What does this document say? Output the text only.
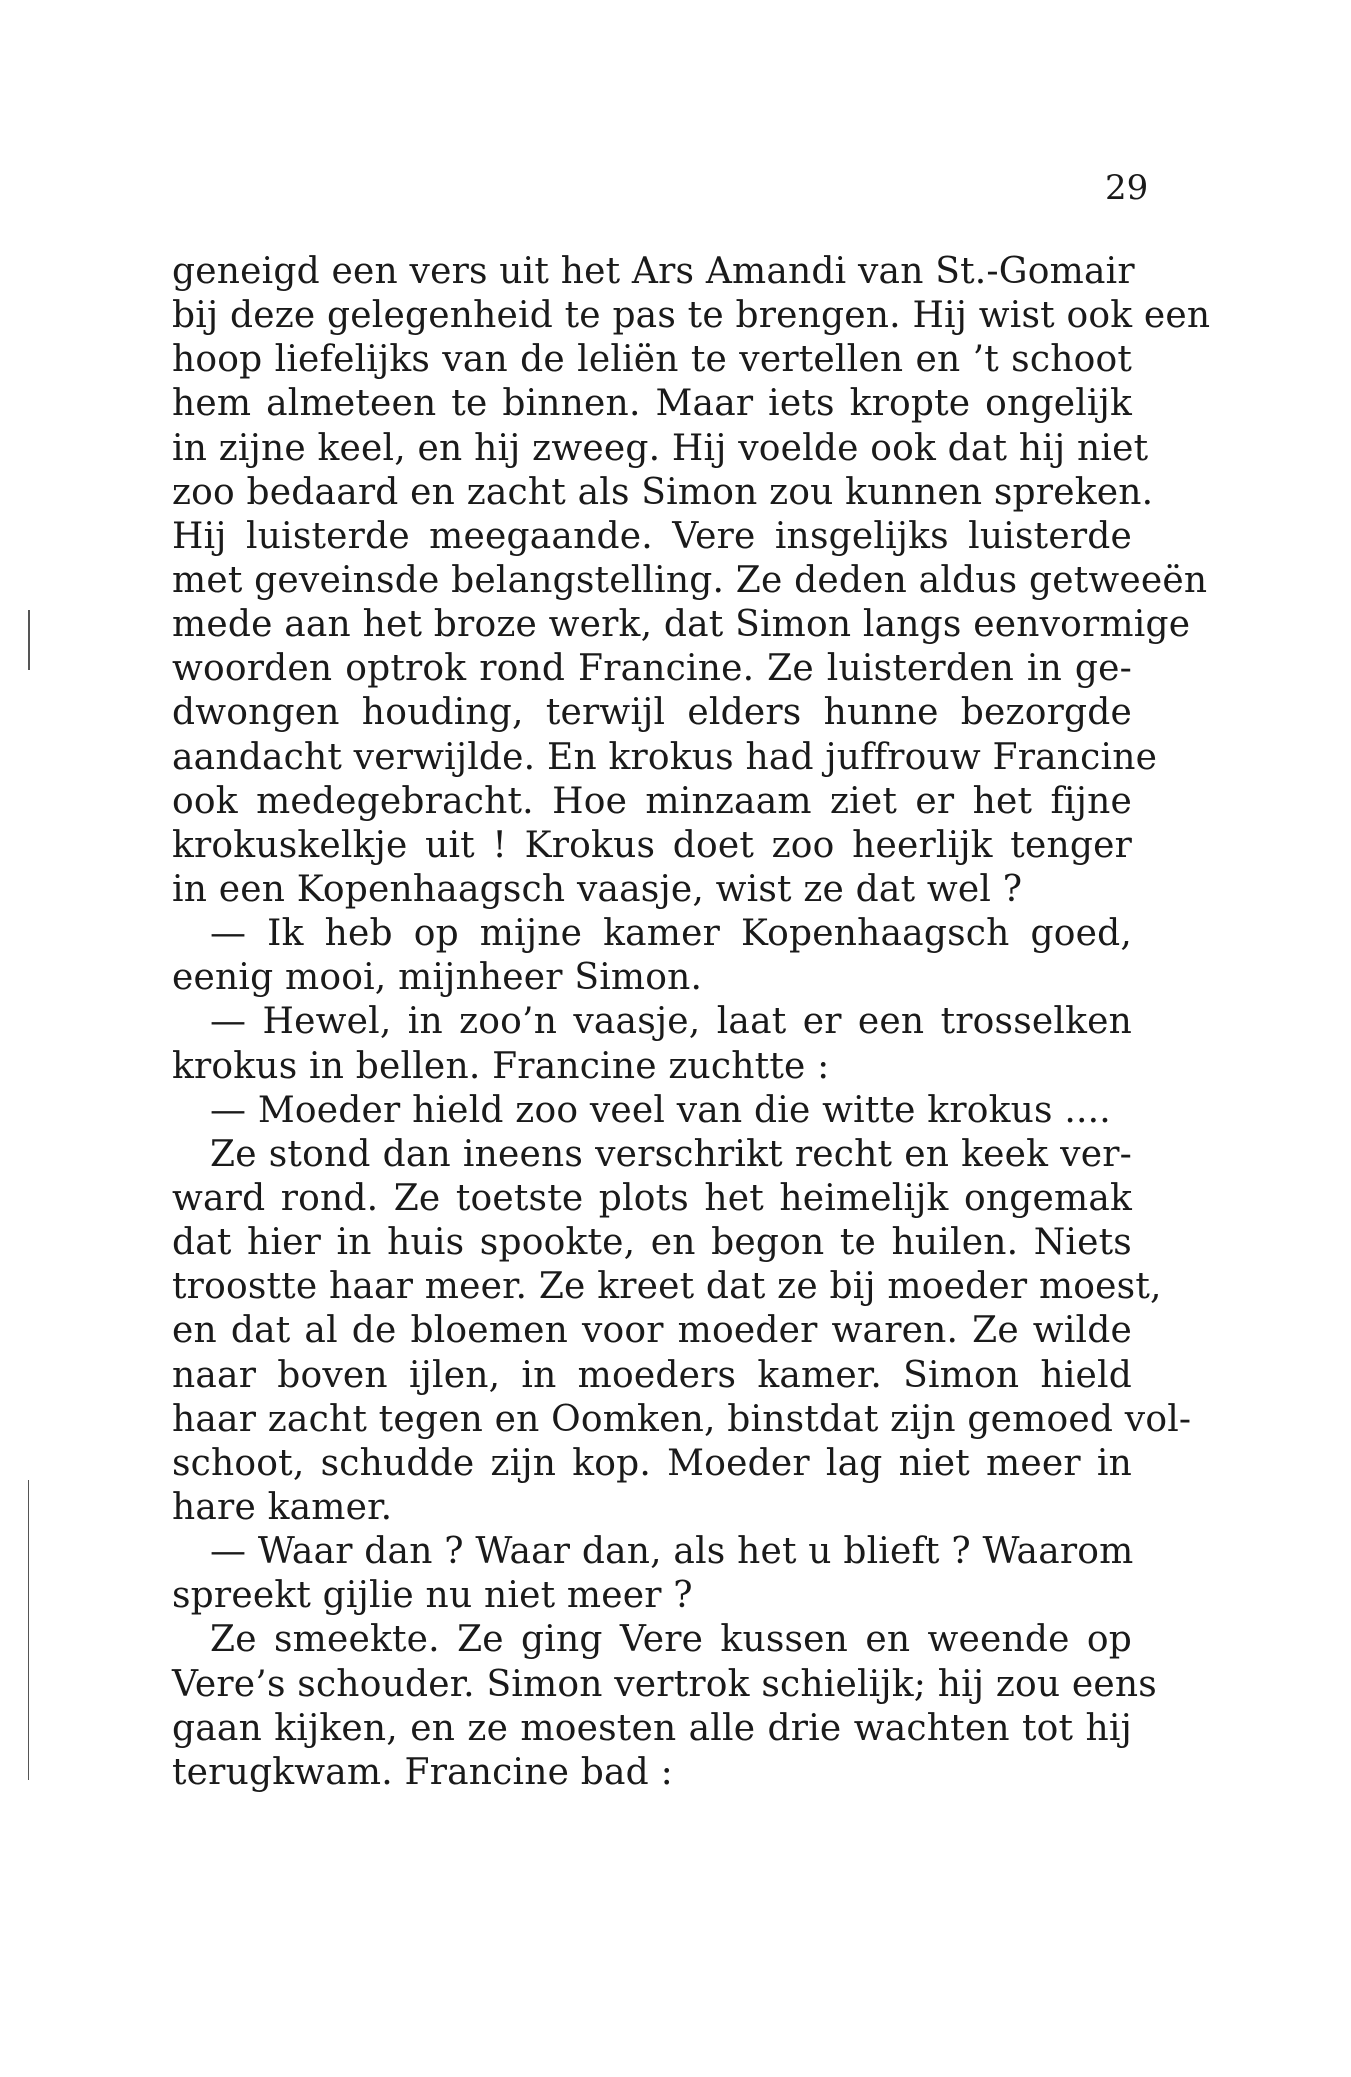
29
geneigd een vers uit het Ars Amandi van St.-Gomair
bij deze gelegenheid te pas te brengen. Hij wist ook een
hoop liefelijks van de leliën te vertellen en ’t schoot
hem almeteen te binnen. Maar iets kropte ongelijk
in zijne keel, en hij zweeg. Hij voelde ook dat hij niet
zoo bedaard en zacht als Simon zou kunnen spreken.
Hij luisterde meegaande. Vere insgelijks luisterde
met geveinsde belangstelling. Ze deden aldus getweeën
mede aan het broze werk, dat Simon langs eenvormige
woorden optrok rond Francine. Ze luisterden in ge-
dwongen houding, terwijl elders hunne bezorgde
aandacht verwijlde. En krokus had juffrouw Francine
ook medegebracht. Hoe minzaam ziet er het fijne
krokuskelkje uit ! Krokus doet zoo heerlijk tenger
in een Kopenhaagsch vaasje, wist ze dat wel ?
— Ik heb op mijne kamer Kopenhaagsch goed,
eenig mooi, mijnheer Simon.
— Hewel, in zoo’n vaasje, laat er een trosselken
krokus in bellen. Francine zuchtte :
— Moeder hield zoo veel van die witte krokus ....
Ze stond dan ineens verschrikt recht en keek ver-
ward rond. Ze toetste plots het heimelijk ongemak
dat hier in huis spookte, en begon te huilen. Niets
troostte haar meer. Ze kreet dat ze bij moeder moest,
en dat al de bloemen voor moeder waren. Ze wilde
naar boven ijlen, in moeders kamer. Simon hield
haar zacht tegen en Oomken, binstdat zijn gemoed vol-
schoot, schudde zijn kop. Moeder lag niet meer in
hare kamer.
— Waar dan ? Waar dan, als het u blieft ? Waarom
spreekt gijlie nu niet meer ?
Ze smeekte. Ze ging Vere kussen en weende op
Vere’s schouder. Simon vertrok schielijk; hij zou eens
gaan kijken, en ze moesten alle drie wachten tot hij
terugkwam. Francine bad :
